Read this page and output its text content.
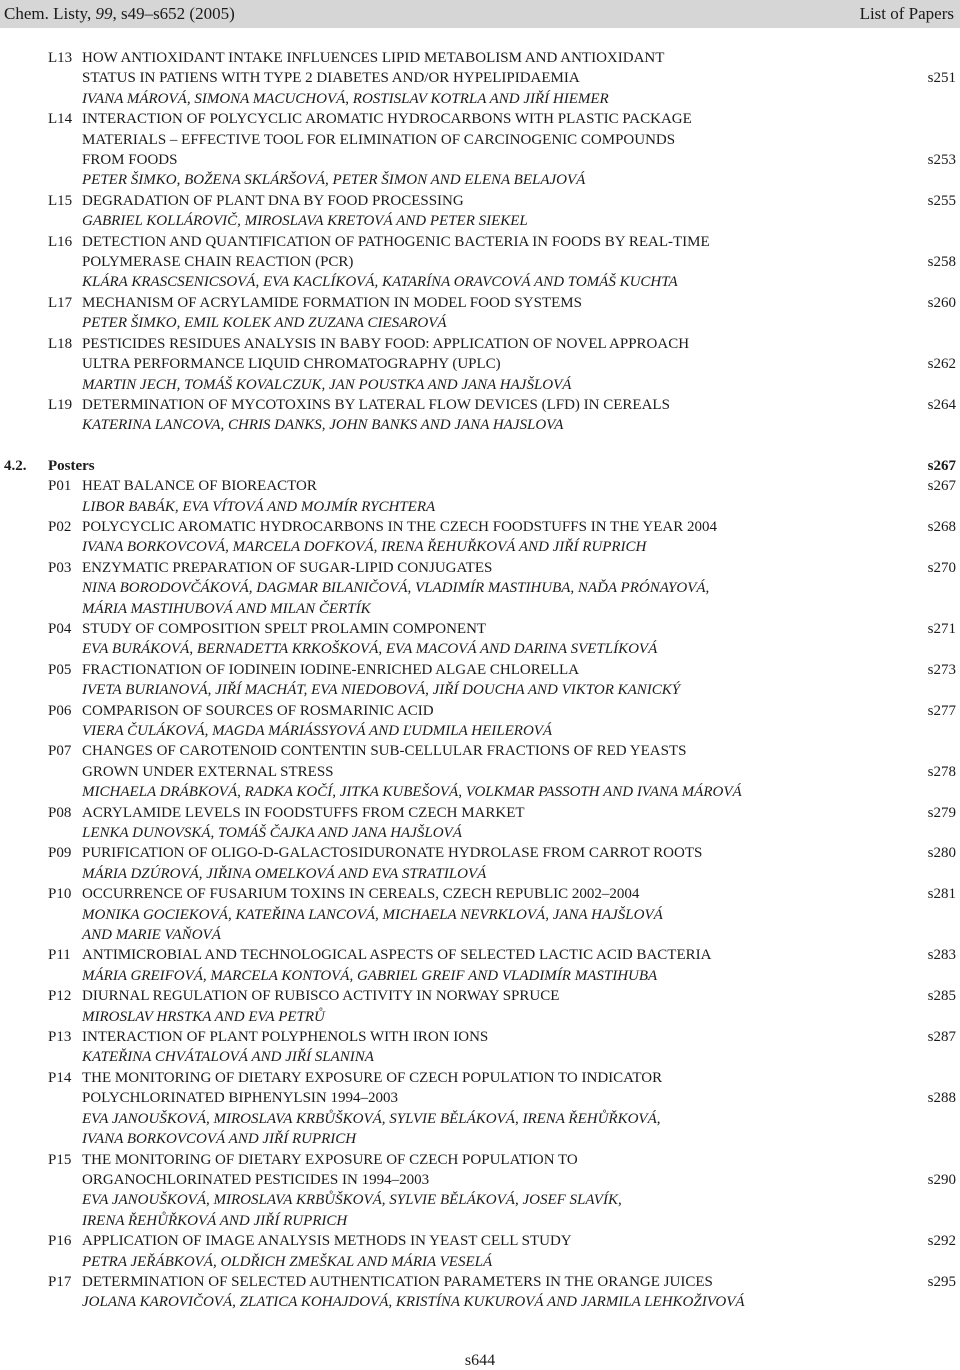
Chem. Listy, 99, s49–s652 (2005)	List of Papers
L13 HOW ANTIOXIDANT INTAKE INFLUENCES LIPID METABOLISM AND ANTIOXIDANT
STATUS IN PATIENS WITH TYPE 2 DIABETES AND/OR HYPELIPIDAEMIA
IVANA MÁROVÁ, SIMONA MACUCHOVÁ, ROSTISLAV KOTRLA AND JIŘÍ HIEMER
s251
L14 INTERACTION OF POLYCYCLIC AROMATIC HYDROCARBONS WITH PLASTIC PACKAGE
MATERIALS – EFFECTIVE TOOL FOR ELIMINATION OF CARCINOGENIC COMPOUNDS
FROM FOODS
PETER ŠIMKO, BOŽENA SKLÁRŠOVÁ, PETER ŠIMON AND ELENA BELAJOVÁ
s253
L15 DEGRADATION OF PLANT DNA BY FOOD PROCESSING
GABRIEL KOLLÁROVIČ, MIROSLAVA KRETOVÁ AND PETER SIEKEL
s255
L16 DETECTION AND QUANTIFICATION OF PATHOGENIC BACTERIA IN FOODS BY REAL-TIME
POLYMERASE CHAIN REACTION (PCR)
KLÁRA KRASCSENICSOVÁ, EVA KACLÍKOVÁ, KATARÍNA ORAVCOVÁ AND TOMÁŠ KUCHTA
s258
L17 MECHANISM OF ACRYLAMIDE FORMATION IN MODEL FOOD SYSTEMS
PETER ŠIMKO, EMIL KOLEK AND ZUZANA CIESAROVÁ
s260
L18 PESTICIDES RESIDUES ANALYSIS IN BABY FOOD: APPLICATION OF NOVEL APPROACH
ULTRA PERFORMANCE LIQUID CHROMATOGRAPHY (UPLC)
MARTIN JECH, TOMÁŠ KOVALCZUK, JAN POUSTKA AND JANA HAJŠLOVÁ
s262
L19 DETERMINATION OF MYCOTOXINS BY LATERAL FLOW DEVICES (LFD) IN CEREALS
KATERINA LANCOVA, CHRIS DANKS, JOHN BANKS AND JANA HAJSLOVA
s264
4.2. Posters	s267
P01 HEAT BALANCE OF BIOREACTOR
LIBOR BABÁK, EVA VÍTOVÁ AND MOJMÍR RYCHTERA
s267
P02 POLYCYCLIC AROMATIC HYDROCARBONS IN THE CZECH FOODSTUFFS IN THE YEAR 2004
IVANA BORKOVCOVÁ, MARCELA DOFKOVÁ, IRENA ŘEHUŘKOVÁ AND JIŘÍ RUPRICH
s268
P03 ENZYMATIC PREPARATION OF SUGAR-LIPID CONJUGATES
NINA BORODOVČÁKOVÁ, DAGMAR BILANIČOVÁ, VLADIMÍR MASTIHUBA, NAĎA PRÓNAYOVÁ,
MÁRIA MASTIHUBOVÁ AND MILAN ČERTÍK
s270
P04 STUDY OF COMPOSITION SPELT PROLAMIN COMPONENT
EVA BURÁKOVÁ, BERNADETTA KRKOŠKOVÁ, EVA MACOVÁ AND DARINA SVETLÍKOVÁ
s271
P05 FRACTIONATION OF IODINEIN IODINE-ENRICHED ALGAE CHLORELLA
IVETA BURIANOVÁ, JIŘÍ MACHÁT, EVA NIEDOBOVÁ, JIŘÍ DOUCHA AND VIKTOR KANICKÝ
s273
P06 COMPARISON OF SOURCES OF ROSMARINIC ACID
VIERA ČULÁKOVÁ, MAGDA MÁRIÁSSYOVÁ AND ĽUDMILA HEILEROVÁ
s277
P07 CHANGES OF CAROTENOID CONTENTIN SUB-CELLULAR FRACTIONS OF RED YEASTS
GROWN UNDER EXTERNAL STRESS
MICHAELA DRÁBKOVÁ, RADKA KOČÍ, JITKA KUBEŠOVÁ, VOLKMAR PASSOTH AND IVANA MÁROVÁ
s278
P08 ACRYLAMIDE LEVELS IN FOODSTUFFS FROM CZECH MARKET
LENKA DUNOVSKÁ, TOMÁŠ ČAJKA AND JANA HAJŠLOVÁ
s279
P09 PURIFICATION OF OLIGO-D-GALACTOSIDURONATE HYDROLASE FROM CARROT ROOTS
MÁRIA DZÚROVÁ, JIŘINA OMELKOVÁ AND EVA STRATILOVÁ
s280
P10 OCCURRENCE OF FUSARIUM TOXINS IN CEREALS, CZECH REPUBLIC 2002–2004
MONIKA GOCIEKOVÁ, KATEŘINA LANCOVÁ, MICHAELA NEVRKLOVÁ, JANA HAJŠLOVÁ
AND MARIE VAŇOVÁ
s281
P11 ANTIMICROBIAL AND TECHNOLOGICAL ASPECTS OF SELECTED LACTIC ACID BACTERIA
MÁRIA GREIFOVÁ, MARCELA KONTOVÁ, GABRIEL GREIF AND VLADIMÍR MASTIHUBA
s283
P12 DIURNAL REGULATION OF RUBISCO ACTIVITY IN NORWAY SPRUCE
MIROSLAV HRSTKA AND EVA PETRŮ
s285
P13 INTERACTION OF PLANT POLYPHENOLS WITH IRON IONS
KATEŘINA CHVÁTALOVÁ AND JIŘÍ SLANINA
s287
P14 THE MONITORING OF DIETARY EXPOSURE OF CZECH POPULATION TO INDICATOR
POLYCHLORINATED BIPHENYLSIN 1994–2003
EVA JANOUŠKOVÁ, MIROSLAVA KRBŮŠKOVÁ, SYLVIE BĚLÁKOVÁ, IRENA ŘEHŮŘKOVÁ,
IVANA BORKOVCOVÁ AND JIŘÍ RUPRICH
s288
P15 THE MONITORING OF DIETARY EXPOSURE OF CZECH POPULATION TO
ORGANOCHLORINATED PESTICIDES IN 1994–2003
EVA JANOUŠKOVÁ, MIROSLAVA KRBŮŠKOVÁ, SYLVIE BĚLÁKOVÁ, JOSEF SLAVÍK,
IRENA ŘEHŮŘKOVÁ AND JIŘÍ RUPRICH
s290
P16 APPLICATION OF IMAGE ANALYSIS METHODS IN YEAST CELL STUDY
PETRA JEŘÁBKOVÁ, OLDŘICH ZMEŠKAL AND MÁRIA VESELÁ
s292
P17 DETERMINATION OF SELECTED AUTHENTICATION PARAMETERS IN THE ORANGE JUICES
JOLANA KAROVIČOVÁ, ZLATICA KOHAJDOVÁ, KRISTÍNA KUKUROVÁ AND JARMILA LEHKOŽIVOVÁ
s295
s644
